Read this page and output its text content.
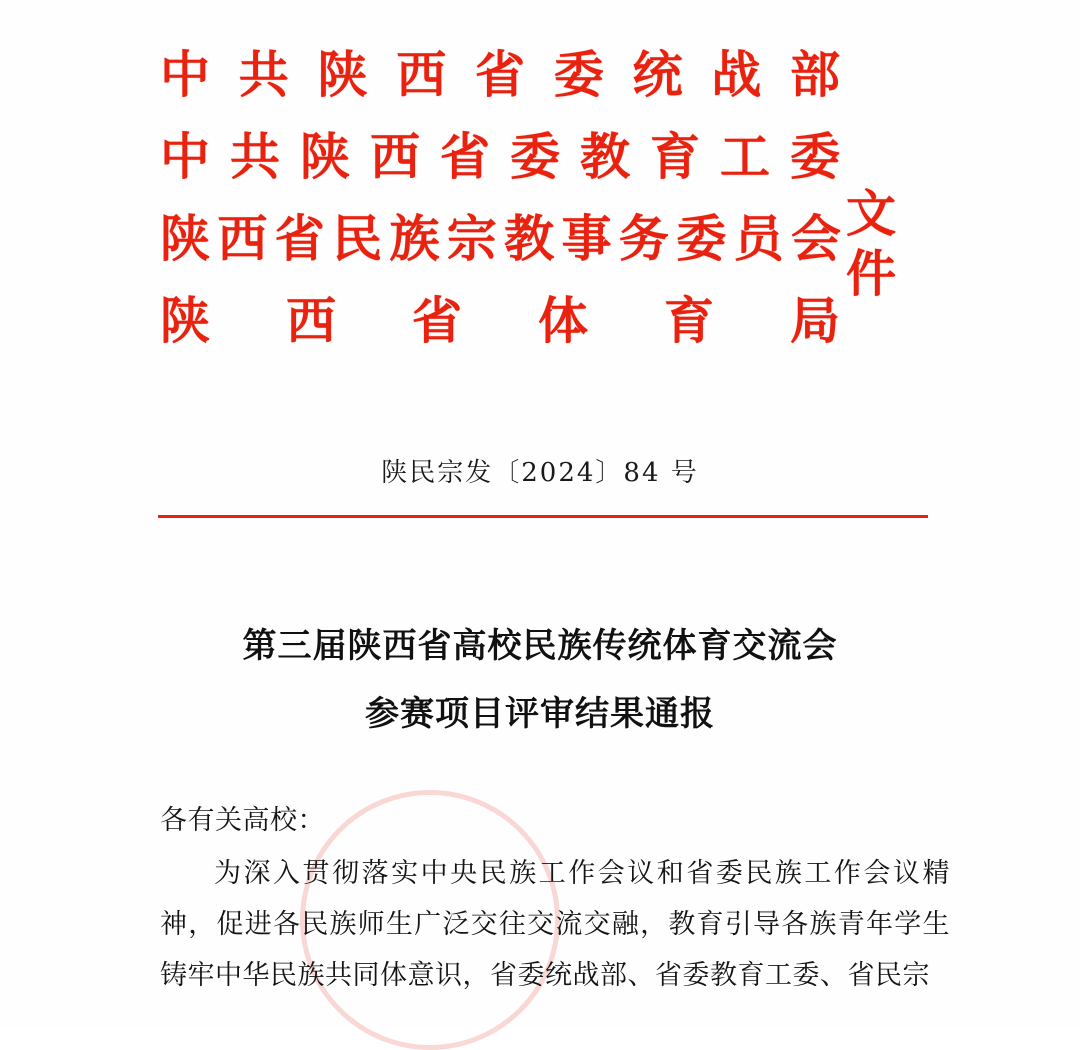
中 共 陕 西 省 委 统 战 部
中 共 陕 西 省 委 教 育 工 委
陕 西 省 民 族 宗 教 事 务 委 员 会
陕 西 省 体 育 局
文
件
陕民宗发〔2024〕84 号
第三届陕西省高校民族传统体育交流会
参赛项目评审结果通报

各有关高校：

为深入贯彻落实中央民族工作会议和省委民族工作会议精神，促进各民族师生广泛交往交流交融，教育引导各族青年学生铸牢中华民族共同体意识，省委统战部、省委教育工委、省民宗
